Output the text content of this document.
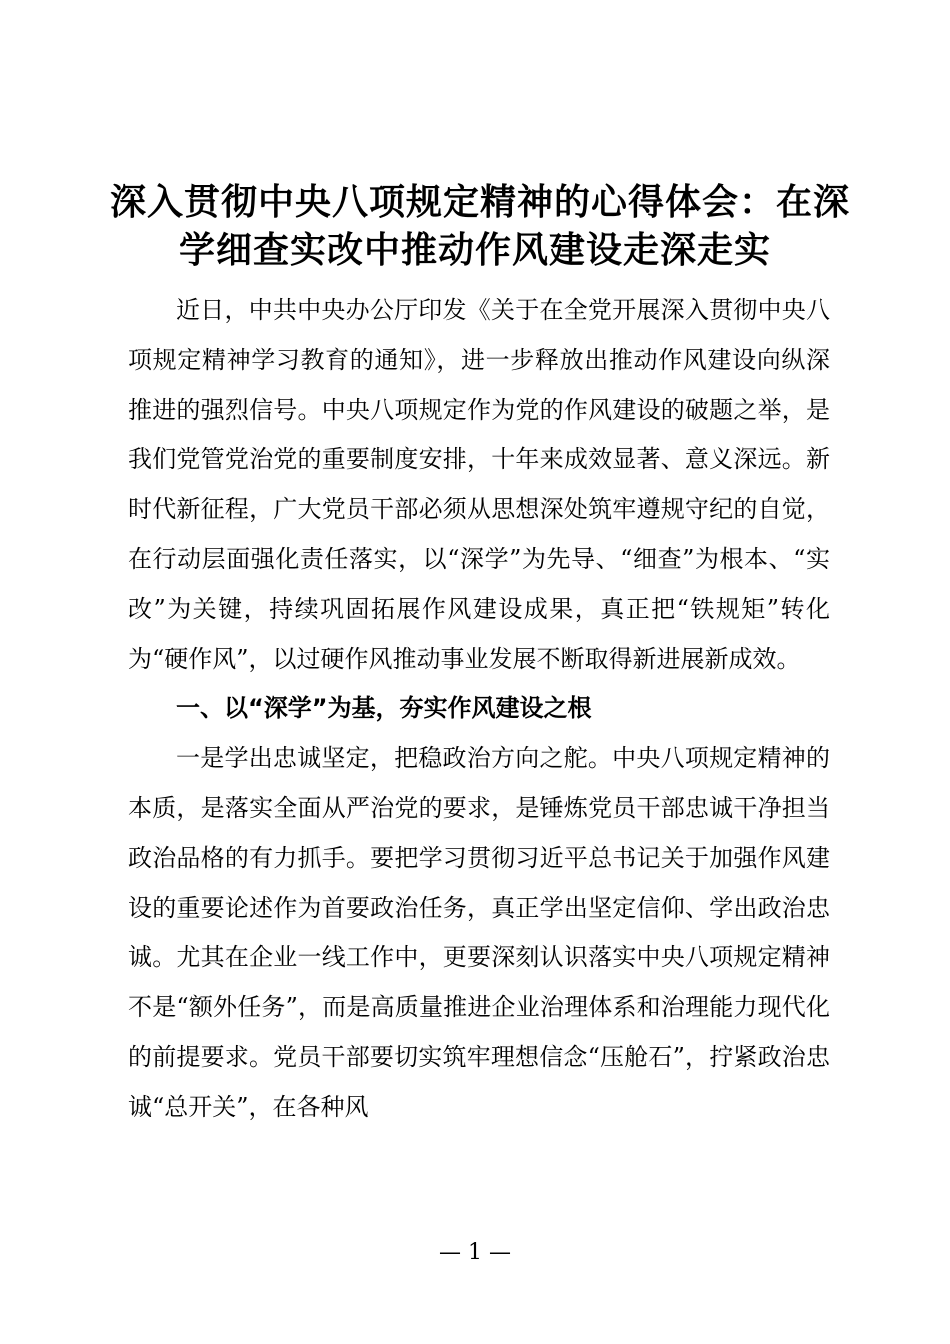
深入贯彻中央八项规定精神的心得体会：在深
学细查实改中推动作风建设走深走实

近日，中共中央办公厅印发《关于在全党开展深入贯彻中央八项规定精神学习教育的通知》，进一步释放出推动作风建设向纵深推进的强烈信号。中央八项规定作为党的作风建设的破题之举，是我们党管党治党的重要制度安排，十年来成效显著、意义深远。新时代新征程，广大党员干部必须从思想深处筑牢遵规守纪的自觉，在行动层面强化责任落实，以“深学”为先导、“细查”为根本、“实改”为关键，持续巩固拓展作风建设成果，真正把“铁规矩”转化为“硬作风”，以过硬作风推动事业发展不断取得新进展新成效。

一、以“深学”为基，夯实作风建设之根

一是学出忠诚坚定，把稳政治方向之舵。中央八项规定精神的本质，是落实全面从严治党的要求，是锤炼党员干部忠诚干净担当政治品格的有力抓手。要把学习贯彻习近平总书记关于加强作风建设的重要论述作为首要政治任务，真正学出坚定信仰、学出政治忠诚。尤其在企业一线工作中，更要深刻认识落实中央八项规定精神不是“额外任务”，而是高质量推进企业治理体系和治理能力现代化的前提要求。党员干部要切实筑牢理想信念“压舱石”，拧紧政治忠诚“总开关”，在各种风

— 1 —
